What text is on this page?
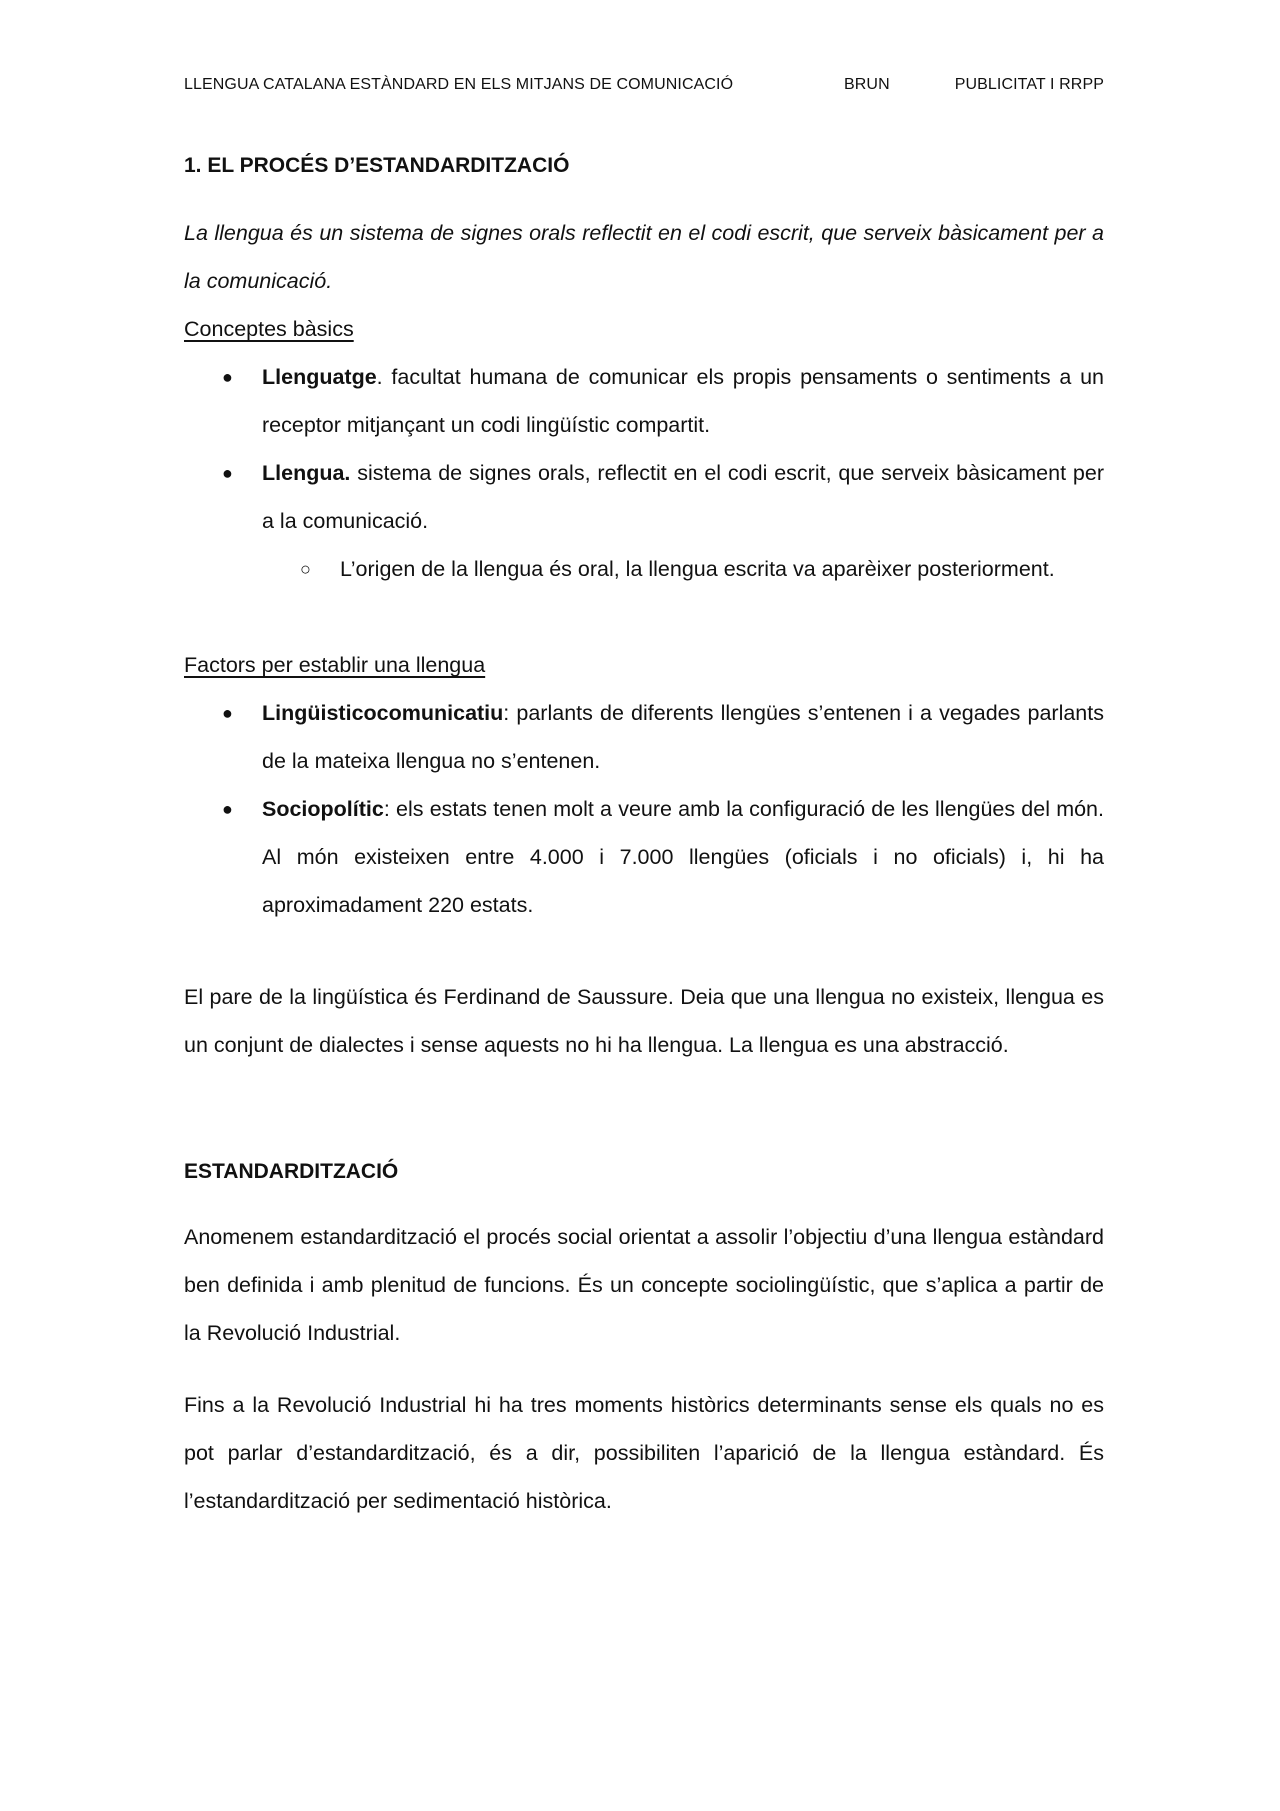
LLENGUA CATALANA ESTÀNDARD EN ELS MITJANS DE COMUNICACIÓ	BRUN	PUBLICITAT I RRPP
1. EL PROCÉS D’ESTANDARDITZACIÓ
La llengua és un sistema de signes orals reflectit en el codi escrit, que serveix bàsicament per a la comunicació.
Conceptes bàsics
● Llenguatge. facultat humana de comunicar els propis pensaments o sentiments a un receptor mitjançant un codi lingüístic compartit.
● Llengua. sistema de signes orals, reflectit en el codi escrit, que serveix bàsicament per a la comunicació.
○ L’origen de la llengua és oral, la llengua escrita va aparèixer posteriorment.
Factors per establir una llengua
● Lingüisticocomunicatiu: parlants de diferents llengües s’entenen i a vegades parlants de la mateixa llengua no s’entenen.
● Sociopolític: els estats tenen molt a veure amb la configuració de les llengües del món. Al món existeixen entre 4.000 i 7.000 llengües (oficials i no oficials) i, hi ha aproximadament 220 estats.
El pare de la lingüística és Ferdinand de Saussure. Deia que una llengua no existeix, llengua es un conjunt de dialectes i sense aquests no hi ha llengua. La llengua es una abstracció.
ESTANDARDITZACIÓ
Anomenem estandardització el procés social orientat a assolir l’objectiu d’una llengua estàndard ben definida i amb plenitud de funcions. És un concepte sociolingüístic, que s’aplica a partir de la Revolució Industrial.
Fins a la Revolució Industrial hi ha tres moments històrics determinants sense els quals no es pot parlar d’estandardització, és a dir, possibiliten l’aparició de la llengua estàndard. És l’estandardització per sedimentació històrica.
